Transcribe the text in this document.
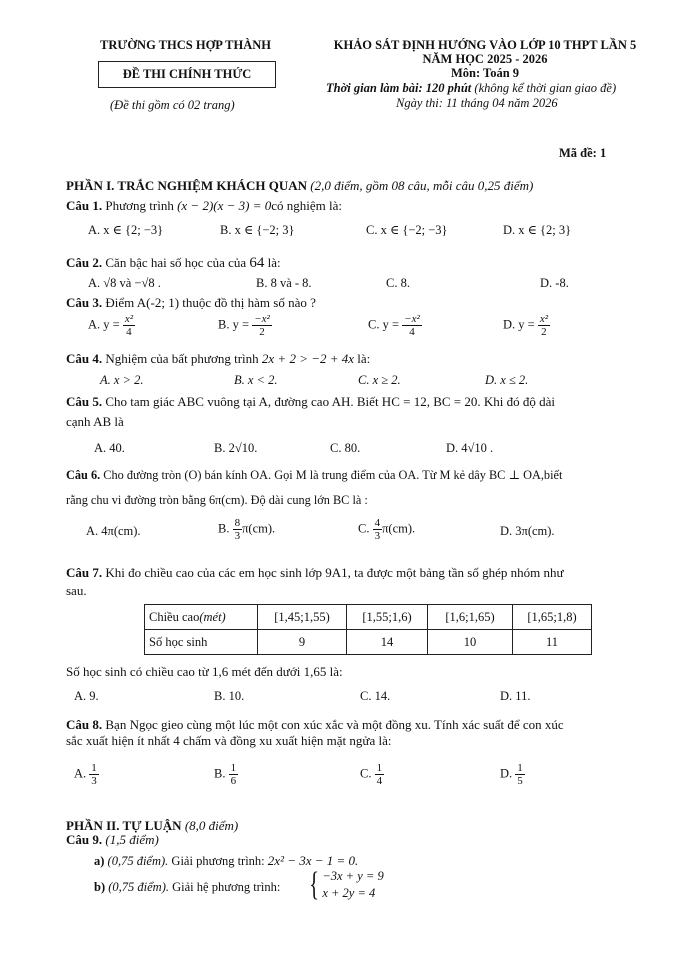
TRƯỜNG THCS HỢP THÀNH
ĐỀ THI CHÍNH THỨC
(Đề thi gồm có 02 trang)
KHẢO SÁT ĐỊNH HƯỚNG VÀO LỚP 10 THPT LẦN 5
NĂM HỌC 2025 - 2026
Môn: Toán 9
Thời gian làm bài: 120 phút (không kể thời gian giao đề)
Ngày thi: 11 tháng 04 năm 2026
Mã đề: 1
PHẦN I. TRẮC NGHIỆM KHÁCH QUAN (2,0 điểm, gồm 08 câu, mỗi câu 0,25 điểm)
Câu 1. Phương trình (x − 2)(x − 3) = 0có nghiệm là:
A. x ∈ {2; −3}	B. x ∈ {−2; 3}	C. x ∈ {−2; −3}	D. x ∈ {2; 3}
Câu 2. Căn bậc hai số học của của 64 là:
A. √8 và −√8 .	B. 8 và - 8.	C. 8.	D. -8.
Câu 3. Điểm A(-2; 1) thuộc đồ thị hàm số nào ?
A. $y = \frac{\text{x²}}{4}$	B. $y = \frac{\text{−x²}}{2}$	C. $y = \frac{\text{−x²}}{4}$	D. $y = \frac{\text{x²}}{2}$
Câu 4. Nghiệm của bất phương trình 2x + 2 > −2 + 4x là:
A. x > 2.	B. x < 2.	C. x ≥ 2.	D. x ≤ 2.
Câu 5. Cho tam giác ABC vuông tại A, đường cao AH. Biết HC = 12, BC = 20. Khi đó độ dài
cạnh AB là
A. 40.	B. 2√10.	C. 80.	D. 4√10 .
Câu 6. Cho đường tròn (O) bán kính OA. Gọi M là trung điểm của OA. Từ M kẻ dây BC ⊥ OA,biết
rằng chu vi đường tròn bằng 6π(cm). Độ dài cung lớn BC là :
A. 4π(cm).	B. $\frac{8}{3} \pi(cm)$.	C. $\frac{4}{3} \pi(cm)$.	D. 3π(cm).
Câu 7. Khi đo chiều cao của các em học sinh lớp 9A1, ta được một bảng tần số ghép nhóm như
sau.
Chiều cao(mét)	[1,45;1,55)	[1,55;1,6)	[1,6;1,65)	[1,65;1,8)
Số học sinh	9	14	10	11
Số học sinh có chiều cao từ 1,6 mét đến dưới 1,65 là:
A. 9.	B. 10.	C. 14.	D. 11.
Câu 8. Bạn Ngọc gieo cùng một lúc một con xúc xắc và một đồng xu. Tính xác suất để con xúc
sắc xuất hiện ít nhất 4 chấm và đồng xu xuất hiện mặt ngửa là:
A. $\frac{1}{3}$	B. $\frac{1}{6}$	C. $\frac{1}{4}$	D. $\frac{1}{5}$
PHẦN II. TỰ LUẬN (8,0 điểm)
Câu 9. (1,5 điểm)
a) (0,75 điểm). Giải phương trình: 2x² − 3x − 1 = 0.
b) (0,75 điểm). Giải hệ phương trình: { −3x + y = 9
x + 2y = 4
